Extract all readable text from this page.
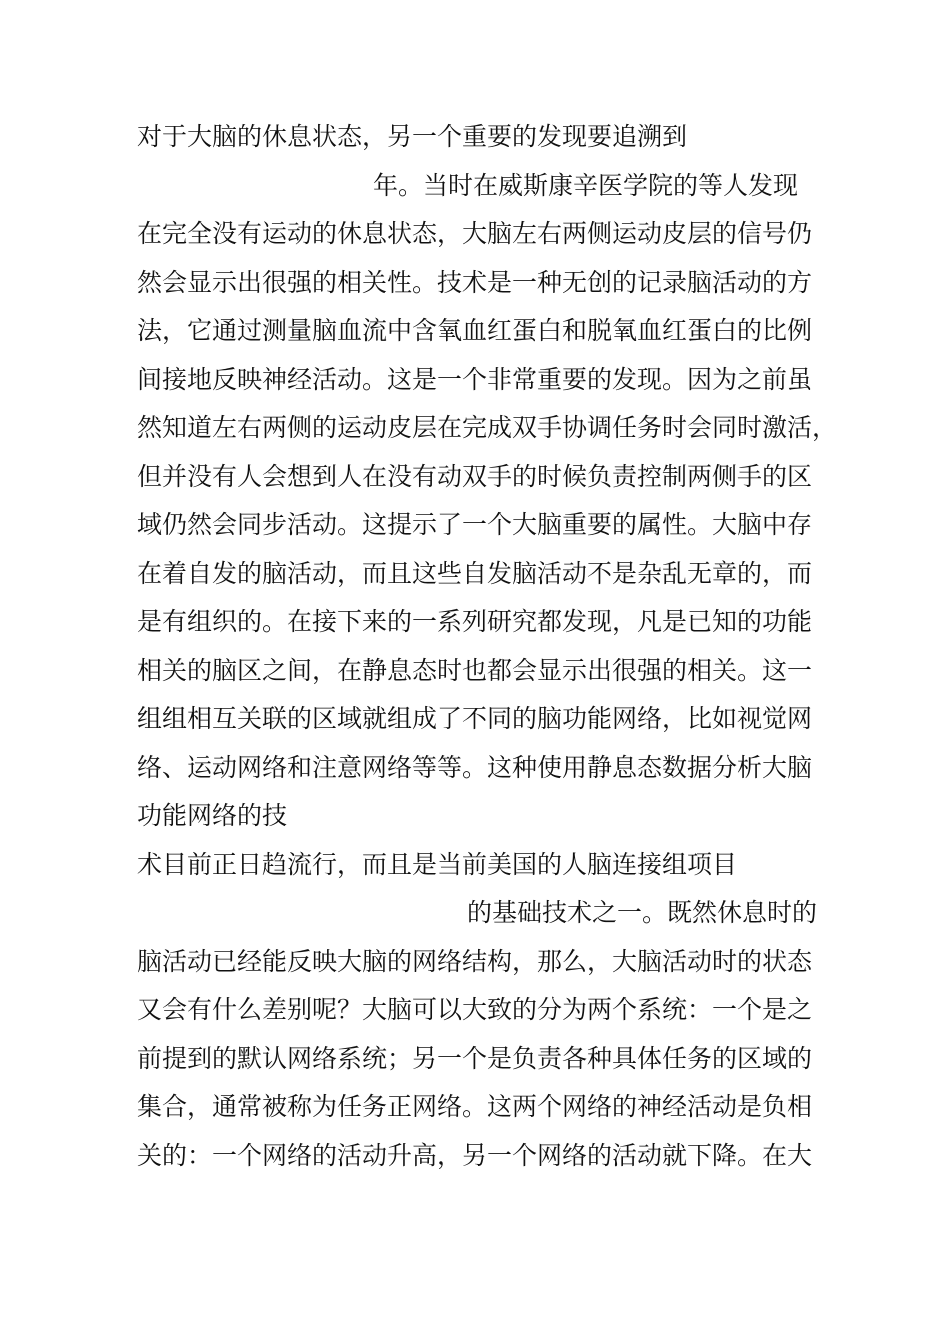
对于大脑的休息状态，另一个重要的发现要追溯到
年。当时在威斯康辛医学院的等人发现
在完全没有运动的休息状态，大脑左右两侧运动皮层的信号仍
然会显示出很强的相关性。技术是一种无创的记录脑活动的方
法，它通过测量脑血流中含氧血红蛋白和脱氧血红蛋白的比例
间接地反映神经活动。这是一个非常重要的发现。因为之前虽
然知道左右两侧的运动皮层在完成双手协调任务时会同时激活，
但并没有人会想到人在没有动双手的时候负责控制两侧手的区
域仍然会同步活动。这提示了一个大脑重要的属性。大脑中存
在着自发的脑活动，而且这些自发脑活动不是杂乱无章的，而
是有组织的。在接下来的一系列研究都发现，凡是已知的功能
相关的脑区之间，在静息态时也都会显示出很强的相关。这一
组组相互关联的区域就组成了不同的脑功能网络，比如视觉网
络、运动网络和注意网络等等。这种使用静息态数据分析大脑
功能网络的技
术目前正日趋流行，而且是当前美国的人脑连接组项目
的基础技术之一。既然休息时的
脑活动已经能反映大脑的网络结构，那么，大脑活动时的状态
又会有什么差别呢？大脑可以大致的分为两个系统：一个是之
前提到的默认网络系统；另一个是负责各种具体任务的区域的
集合，通常被称为任务正网络。这两个网络的神经活动是负相
关的：一个网络的活动升高，另一个网络的活动就下降。在大
